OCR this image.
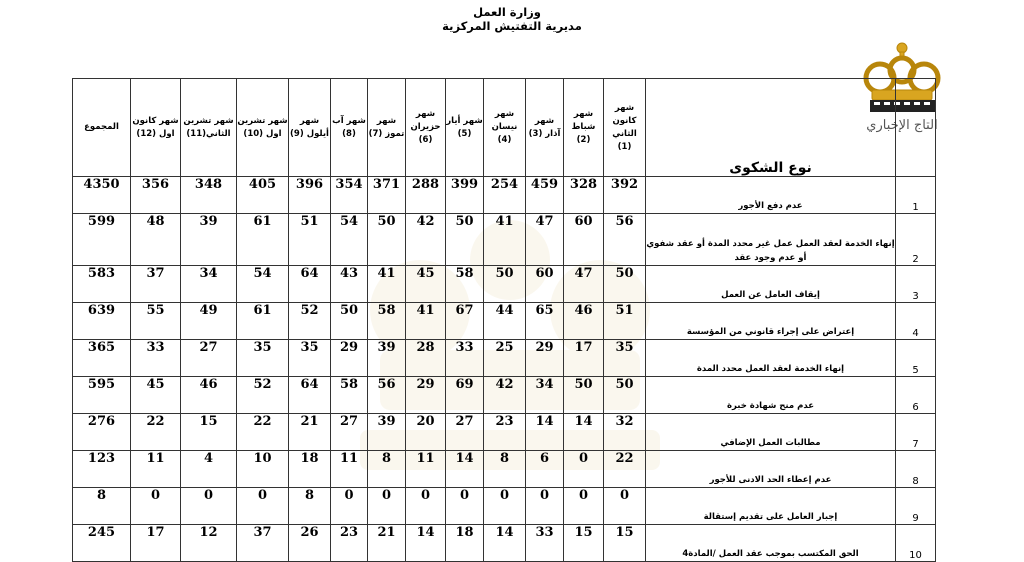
وزارة العمل
مديرية التفتيش المركزية
التاج الإخباري
	نوع الشكوى	شهر كانون الثاني (1)	شهر شباط (2)	شهر آذار (3)	شهر نيسان (4)	شهر أيار (5)	شهر حزيران (6)	شهر تموز (7)	شهر آب (8)	شهر أيلول (9)	شهر تشرين اول (10)	شهر تشرين الثاني(11)	شهر كانون اول (12)	المجموع
1	عدم دفع الأجور	392	328	459	254	399	288	371	354	396	405	348	356	4350
2	إنهاء الخدمة لعقد العمل عمل غير محدد المدة أو عقد شفوي أو عدم وجود عقد	56	60	47	41	50	42	50	54	51	61	39	48	599
3	إيقاف العامل عن العمل	50	47	60	50	58	45	41	43	64	54	34	37	583
4	إعتراض على إجراء قانوني من المؤسسة	51	46	65	44	67	41	58	50	52	61	49	55	639
5	إنهاء الخدمة لعقد العمل محدد المدة	35	17	29	25	33	28	39	29	35	35	27	33	365
6	عدم منح شهادة خبرة	50	50	34	42	69	29	56	58	64	52	46	45	595
7	مطالبات العمل الإضافي	32	14	14	23	27	20	39	27	21	22	15	22	276
8	عدم إعطاء الحد الادنى للأجور	22	0	6	8	14	11	8	11	18	10	4	11	123
9	إجبار العامل على تقديم إستقالة	0	0	0	0	0	0	0	0	8	0	0	0	8
10	الحق المكتسب بموجب عقد العمل /المادة4	15	15	33	14	18	14	21	23	26	37	12	17	245
